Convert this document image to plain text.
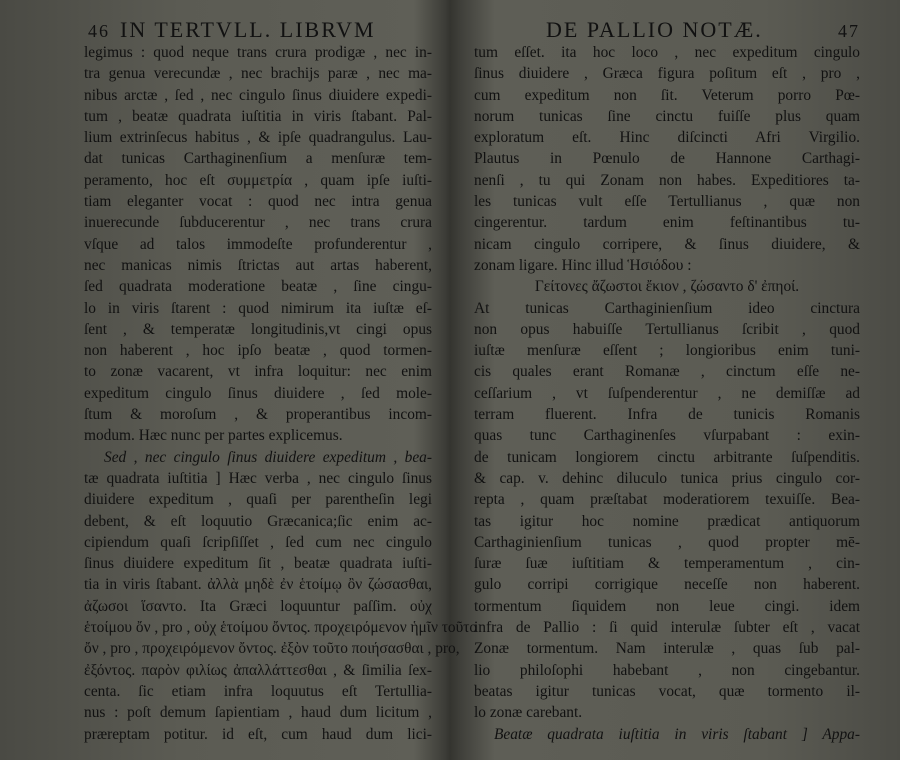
46 IN TERTVLL. LIBRVM
legimus : quod neque trans crura prodigæ , nec in-
tra genua verecundæ , nec brachijs paræ , nec ma-
nibus arctæ , ſed , nec cingulo ſinus diuidere expedi-
tum , beatæ quadrata iuſtitia in viris ſtabant. Pal-
lium extrinſecus habitus , & ipſe quadrangulus. Lau-
dat tunicas Carthaginenſium a menſuræ tem-
peramento, hoc eſt συμμετρία , quam ipſe iuſti-
tiam eleganter vocat : quod nec intra genua
inuerecunde ſubducerentur , nec trans crura
vſque ad talos immodeſte profunderentur ,
nec manicas nimis ſtrictas aut artas haberent,
ſed quadrata moderatione beatæ , ſine cingu-
lo in viris ſtarent : quod nimirum ita iuſtæ eſ-
ſent , & temperatæ longitudinis,vt cingi opus
non haberent , hoc ipſo beatæ , quod tormen-
to zonæ vacarent, vt infra loquitur: nec enim
expeditum cingulo ſinus diuidere , ſed mole-
ſtum & moroſum , & properantibus incom-
modum. Hæc nunc per partes explicemus.
Sed , nec cingulo ſinus diuidere expeditum , bea-
tæ quadrata iuſtitia ] Hæc verba , nec cingulo ſinus
diuidere expeditum , quaſi per parentheſin legi
debent, & eſt loquutio Græcanica;ſic enim ac-
cipiendum quaſi ſcripſiſſet , ſed cum nec cingulo
ſinus diuidere expeditum ſit , beatæ quadrata iuſti-
tia in viris ſtabant. ἀλλὰ μηδὲ ἐν ἑτοίμῳ ὂν ζώσασθαι,
ἀζωσοι ἵσαντο. Ita Græci loquuntur paſſim. οὐχ
ἑτοίμου ὄν , pro , οὐχ ἑτοίμου ὄντος. προχειρόμενον ἡμῖν τοῦτο
ὄν , pro , προχειρόμενον ὄντος. ἐξὸν τοῦτο ποιήσασθαι , pro,
ἐξόντος. παρὸν φιλίως ἀπαλλάττεσθαι , & ſimilia ſex-
centa. ſic etiam infra loquutus eſt Tertullia-
nus : poſt demum ſapientiam , haud dum licitum ,
præreptam potitur. id eſt, cum haud dum lici-
DE PALLIO NOTÆ.	47
tum eſſet. ita hoc loco , nec expeditum cingulo
ſinus diuidere , Græca figura poſitum eſt , pro ,
cum expeditum non ſit. Veterum porro Pœ-
norum tunicas ſine cinctu fuiſſe plus quam
exploratum eſt. Hinc diſcincti Afri Virgilio.
Plautus in Pœnulo de Hannone Carthagi-
nenſi , tu qui Zonam non habes. Expeditiores ta-
les tunicas vult eſſe Tertullianus , quæ non
cingerentur. tardum enim feſtinantibus tu-
nicam cingulo corripere, & ſinus diuidere, &
zonam ligare. Hinc illud Ἡσιόδου :
Γείτονες ἄζωστοι ἔκιον , ζώσαντο δ' ἐπηοί.
At tunicas Carthaginienſium ideo cinctura
non opus habuiſſe Tertullianus ſcribit , quod
iuſtæ menſuræ eſſent ; longioribus enim tuni-
cis quales erant Romanæ , cinctum eſſe ne-
ceſſarium , vt ſuſpenderentur , ne demiſſæ ad
terram fluerent. Infra de tunicis Romanis
quas tunc Carthaginenſes vſurpabant : exin-
de tunicam longiorem cinctu arbitrante ſuſpenditis.
& cap. v. dehinc diluculo tunica prius cingulo cor-
repta , quam præſtabat moderatiorem texuiſſe. Bea-
tas igitur hoc nomine prædicat antiquorum
Carthaginienſium tunicas , quod propter mē-
ſuræ ſuæ iuſtitiam & temperamentum , cin-
gulo corripi corrigique neceſſe non haberent.
tormentum ſiquidem non leue cingi. idem
infra de Pallio : ſi quid interulæ ſubter eſt , vacat
Zonæ tormentum. Nam interulæ , quas ſub pal-
lio philoſophi habebant , non cingebantur.
beatas igitur tunicas vocat, quæ tormento il-
lo zonæ carebant.
Beatæ quadrata iuſtitia in viris ſtabant ] Appa-
